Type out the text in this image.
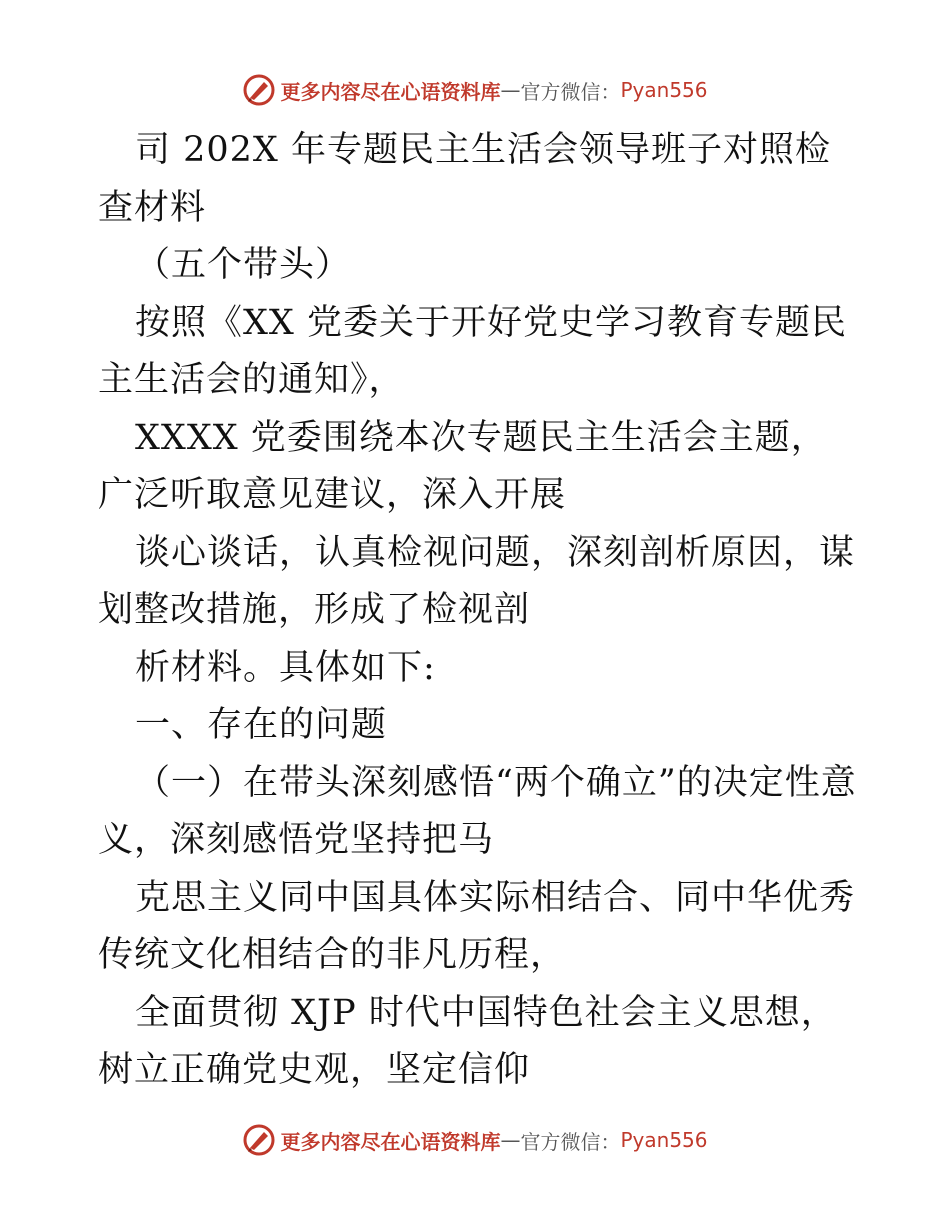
更多内容尽在心语资料库 — 官方微信： Pyan556

司 202X 年专题民主生活会领导班子对照检查材料

（五个带头）

按照《XX 党委关于开好党史学习教育专题民主生活会的通知》，

XXXX 党委围绕本次专题民主生活会主题，广泛听取意见建议，深入开展

谈心谈话，认真检视问题，深刻剖析原因，谋划整改措施，形成了检视剖

析材料。具体如下:

一、存在的问题

（一）在带头深刻感悟“两个确立”的决定性意义，深刻感悟党坚持把马

克思主义同中国具体实际相结合、同中华优秀传统文化相结合的非凡历程，

全面贯彻 XJP 时代中国特色社会主义思想，树立正确党史观，坚定信仰

更多内容尽在心语资料库 — 官方微信： Pyan556
